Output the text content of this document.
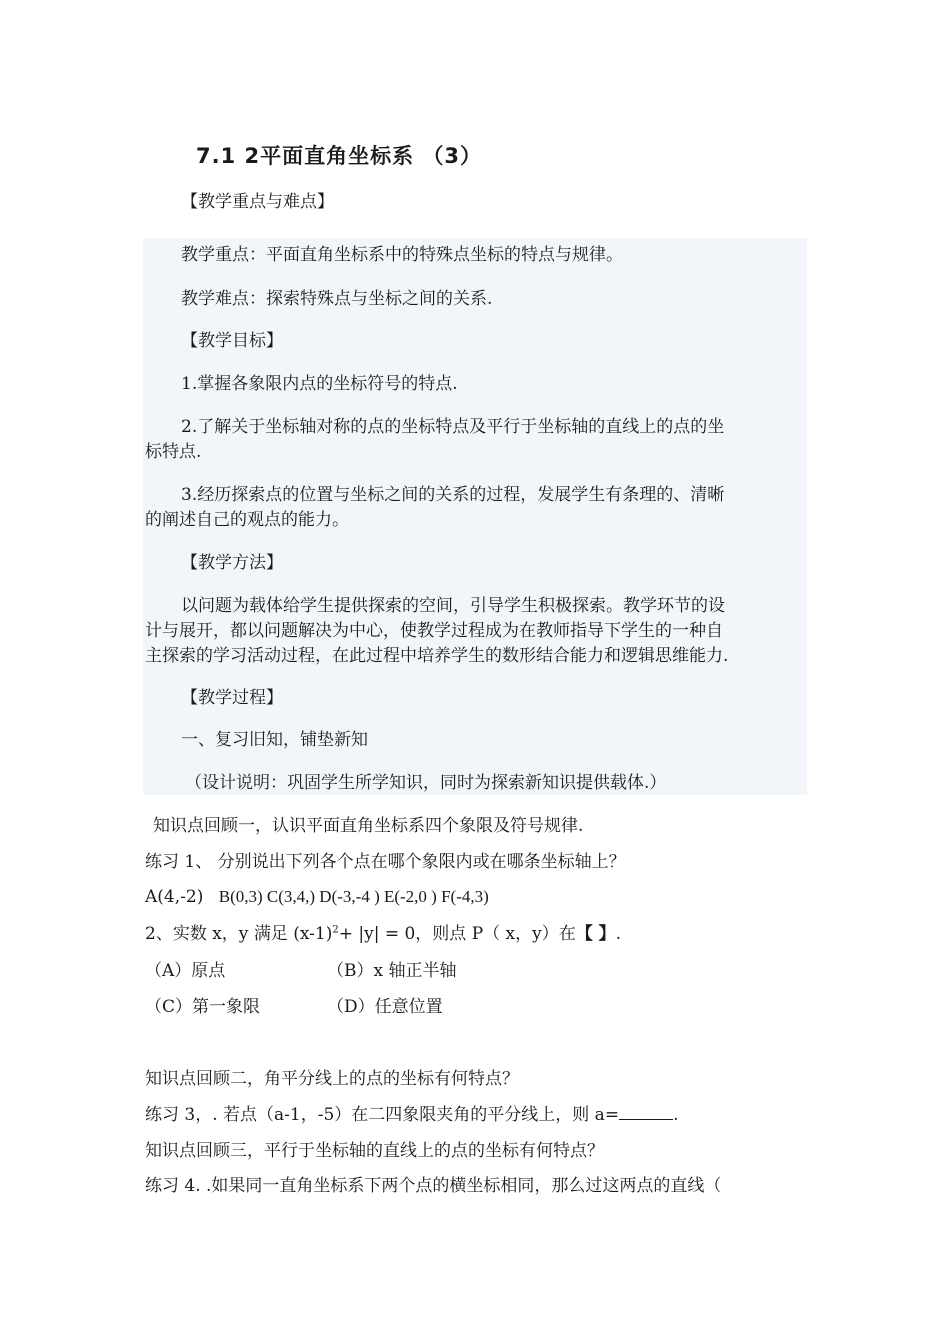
7.1 2平面直角坐标系 （3）
【教学重点与难点】
教学重点：平面直角坐标系中的特殊点坐标的特点与规律。
教学难点：探索特殊点与坐标之间的关系.
【教学目标】
1.掌握各象限内点的坐标符号的特点.
2.了解关于坐标轴对称的点的坐标特点及平行于坐标轴的直线上的点的坐
标特点.
3.经历探索点的位置与坐标之间的关系的过程，发展学生有条理的、清晰
的阐述自己的观点的能力。
【教学方法】
以问题为载体给学生提供探索的空间，引导学生积极探索。教学环节的设
计与展开，都以问题解决为中心，使教学过程成为在教师指导下学生的一种自
主探索的学习活动过程，在此过程中培养学生的数形结合能力和逻辑思维能力.
【教学过程】
一、复习旧知，铺垫新知
（设计说明：巩固学生所学知识，同时为探索新知识提供载体.）
知识点回顾一，认识平面直角坐标系四个象限及符号规律.
练习 1、 分别说出下列各个点在哪个象限内或在哪条坐标轴上？
A(4,-2) B(0,3) C(3,4,) D(-3,-4 ) E(-2,0 ) F(-4,3)
2、实数 x，y 满足 $(x-1)^2+ |y| = 0$，则点 P（ x，y）在【 】.
（A）原点	（B）x 轴正半轴
（C）第一象限	（D）任意位置
知识点回顾二，角平分线上的点的坐标有何特点？
练习 3，. 若点（a-1，-5）在二四象限夹角的平分线上，则 a=	.
知识点回顾三，平行于坐标轴的直线上的点的坐标有何特点？
练习 4. .如果同一直角坐标系下两个点的横坐标相同，那么过这两点的直线（
